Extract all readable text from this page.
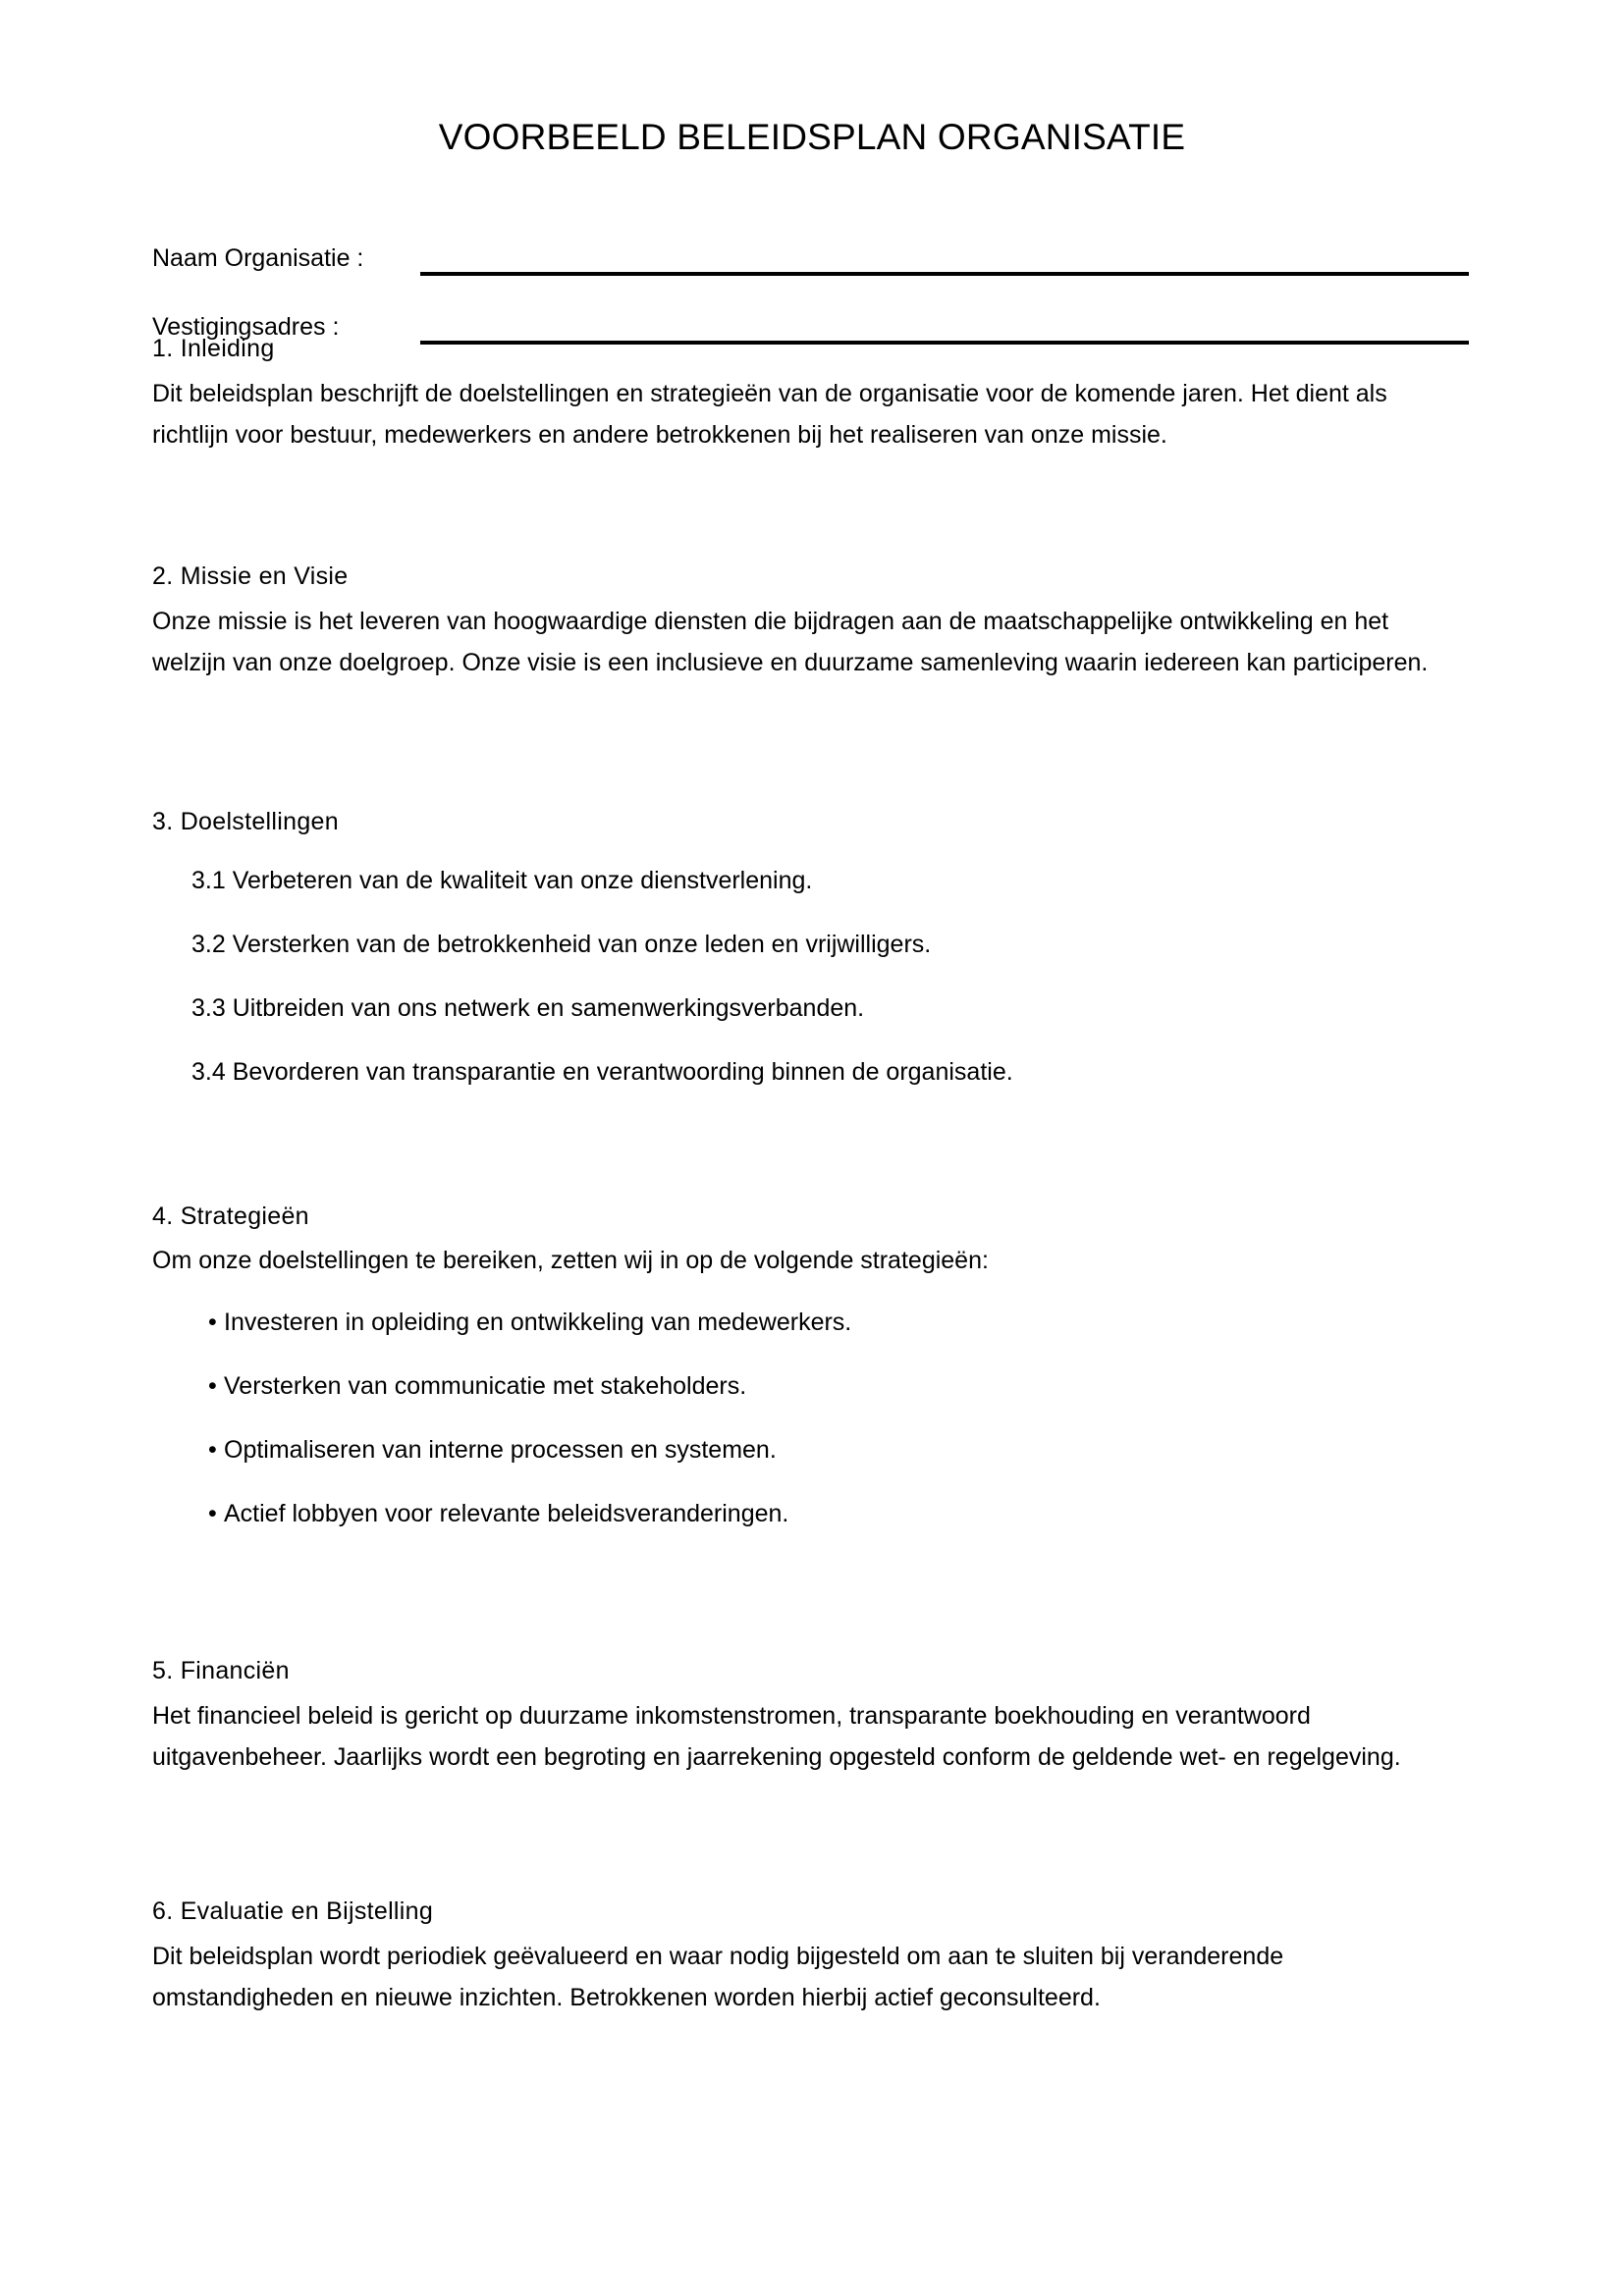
VOORBEELD BELEIDSPLAN ORGANISATIE
Naam Organisatie :
Vestigingsadres :
1. Inleiding
Dit beleidsplan beschrijft de doelstellingen en strategieën van de organisatie voor de komende jaren. Het dient als richtlijn voor bestuur, medewerkers en andere betrokkenen bij het realiseren van onze missie.
2. Missie en Visie
Onze missie is het leveren van hoogwaardige diensten die bijdragen aan de maatschappelijke ontwikkeling en het welzijn van onze doelgroep. Onze visie is een inclusieve en duurzame samenleving waarin iedereen kan participeren.
3. Doelstellingen
3.1 Verbeteren van de kwaliteit van onze dienstverlening.
3.2 Versterken van de betrokkenheid van onze leden en vrijwilligers.
3.3 Uitbreiden van ons netwerk en samenwerkingsverbanden.
3.4 Bevorderen van transparantie en verantwoording binnen de organisatie.
4. Strategieën
Om onze doelstellingen te bereiken, zetten wij in op de volgende strategieën:
• Investeren in opleiding en ontwikkeling van medewerkers.
• Versterken van communicatie met stakeholders.
• Optimaliseren van interne processen en systemen.
• Actief lobbyen voor relevante beleidsveranderingen.
5. Financiën
Het financieel beleid is gericht op duurzame inkomstenstromen, transparante boekhouding en verantwoord uitgavenbeheer. Jaarlijks wordt een begroting en jaarrekening opgesteld conform de geldende wet- en regelgeving.
6. Evaluatie en Bijstelling
Dit beleidsplan wordt periodiek geëvalueerd en waar nodig bijgesteld om aan te sluiten bij veranderende omstandigheden en nieuwe inzichten. Betrokkenen worden hierbij actief geconsulteerd.
